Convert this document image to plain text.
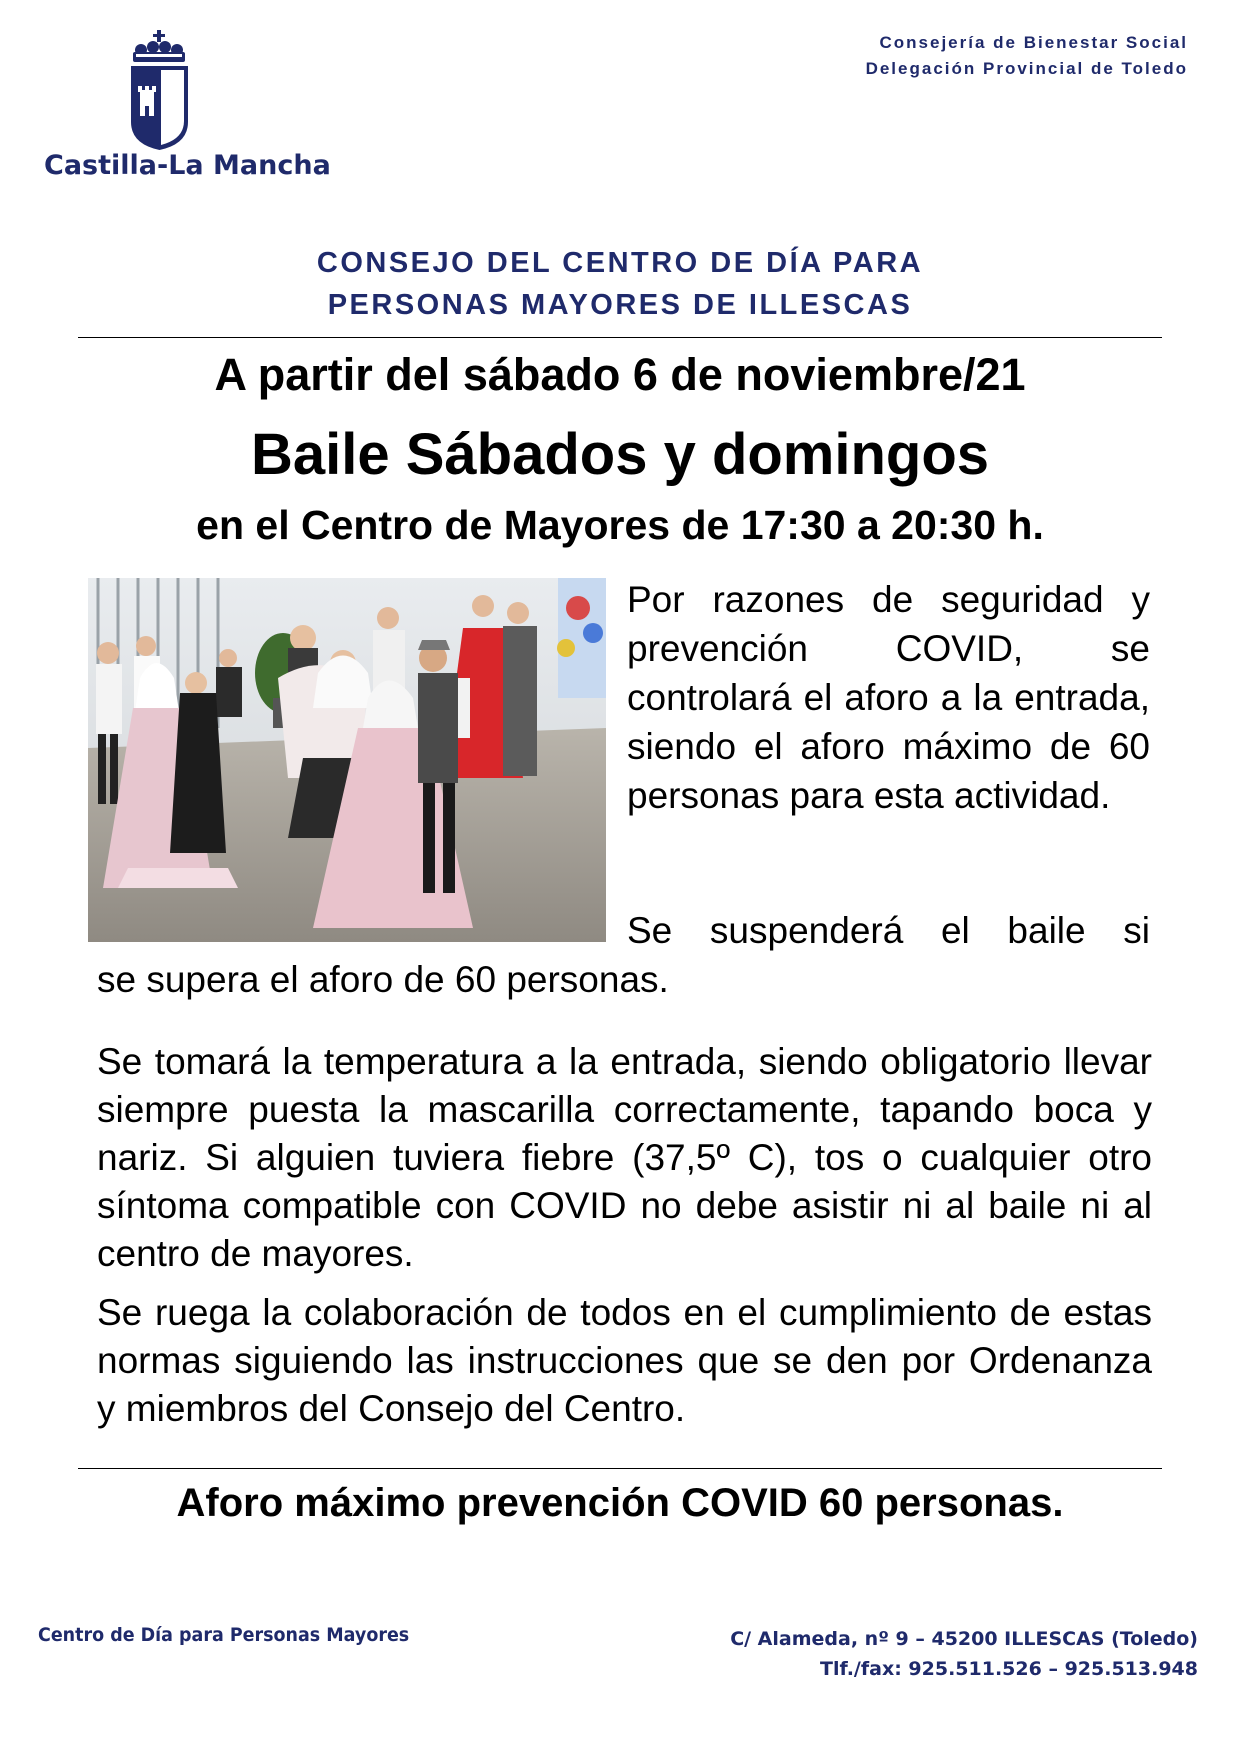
Castilla-La Mancha
Consejería de Bienestar Social
Delegación Provincial de Toledo
CONSEJO DEL CENTRO DE DÍA PARA
PERSONAS MAYORES DE ILLESCAS
A partir del sábado 6 de noviembre/21
Baile Sábados y domingos
en el Centro de Mayores de 17:30 a 20:30 h.
Por razones de seguridad y prevención COVID, se controlará el aforo a la entrada, siendo el aforo máximo de 60 personas para esta actividad.
Se suspenderá el baile si
se supera el aforo de 60 personas.
Se tomará la temperatura a la entrada, siendo obligatorio llevar siempre puesta la mascarilla correctamente, tapando boca y nariz. Si alguien tuviera fiebre (37,5º C), tos o cualquier otro síntoma compatible con COVID no debe asistir ni al baile ni al centro de mayores.
Se ruega la colaboración de todos en el cumplimiento de estas normas siguiendo las instrucciones que se den por Ordenanza y miembros del Consejo del Centro.
Aforo máximo prevención COVID 60 personas.
Centro de Día para Personas Mayores	C/ Alameda, nº 9 – 45200 ILLESCAS (Toledo)
Tlf./fax: 925.511.526 – 925.513.948
